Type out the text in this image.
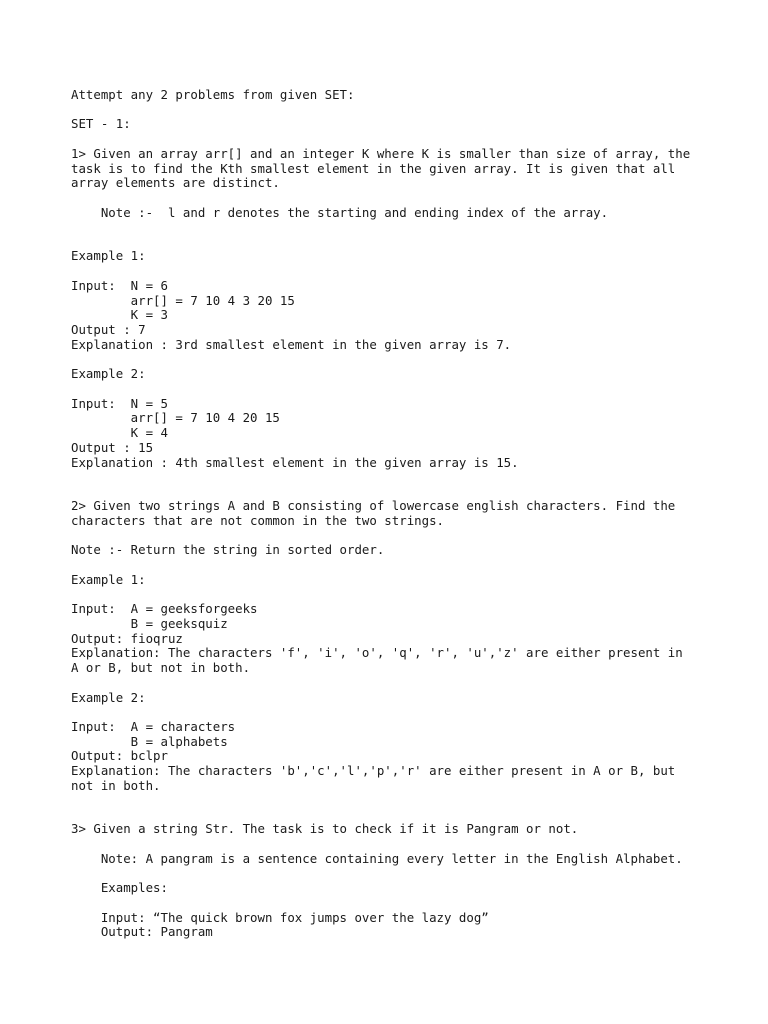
Attempt any 2 problems from given SET:

SET - 1:

1> Given an array arr[] and an integer K where K is smaller than size of array, the

task is to find the Kth smallest element in the given array. It is given that all

array elements are distinct.

Note :-  l and r denotes the starting and ending index of the array.

Example 1:

Input:  N = 6

arr[] = 7 10 4 3 20 15

K = 3

Output : 7

Explanation : 3rd smallest element in the given array is 7.

Example 2:

Input:  N = 5

arr[] = 7 10 4 20 15

K = 4

Output : 15

Explanation : 4th smallest element in the given array is 15.

2> Given two strings A and B consisting of lowercase english characters. Find the

characters that are not common in the two strings.

Note :- Return the string in sorted order.

Example 1:

Input:  A = geeksforgeeks

B = geeksquiz

Output: fioqruz

Explanation: The characters 'f', 'i', 'o', 'q', 'r', 'u','z' are either present in

A or B, but not in both.

Example 2:

Input:  A = characters

B = alphabets

Output: bclpr

Explanation: The characters 'b','c','l','p','r' are either present in A or B, but

not in both.

3> Given a string Str. The task is to check if it is Pangram or not.

Note: A pangram is a sentence containing every letter in the English Alphabet.

Examples:

Input: “The quick brown fox jumps over the lazy dog”

Output: Pangram
